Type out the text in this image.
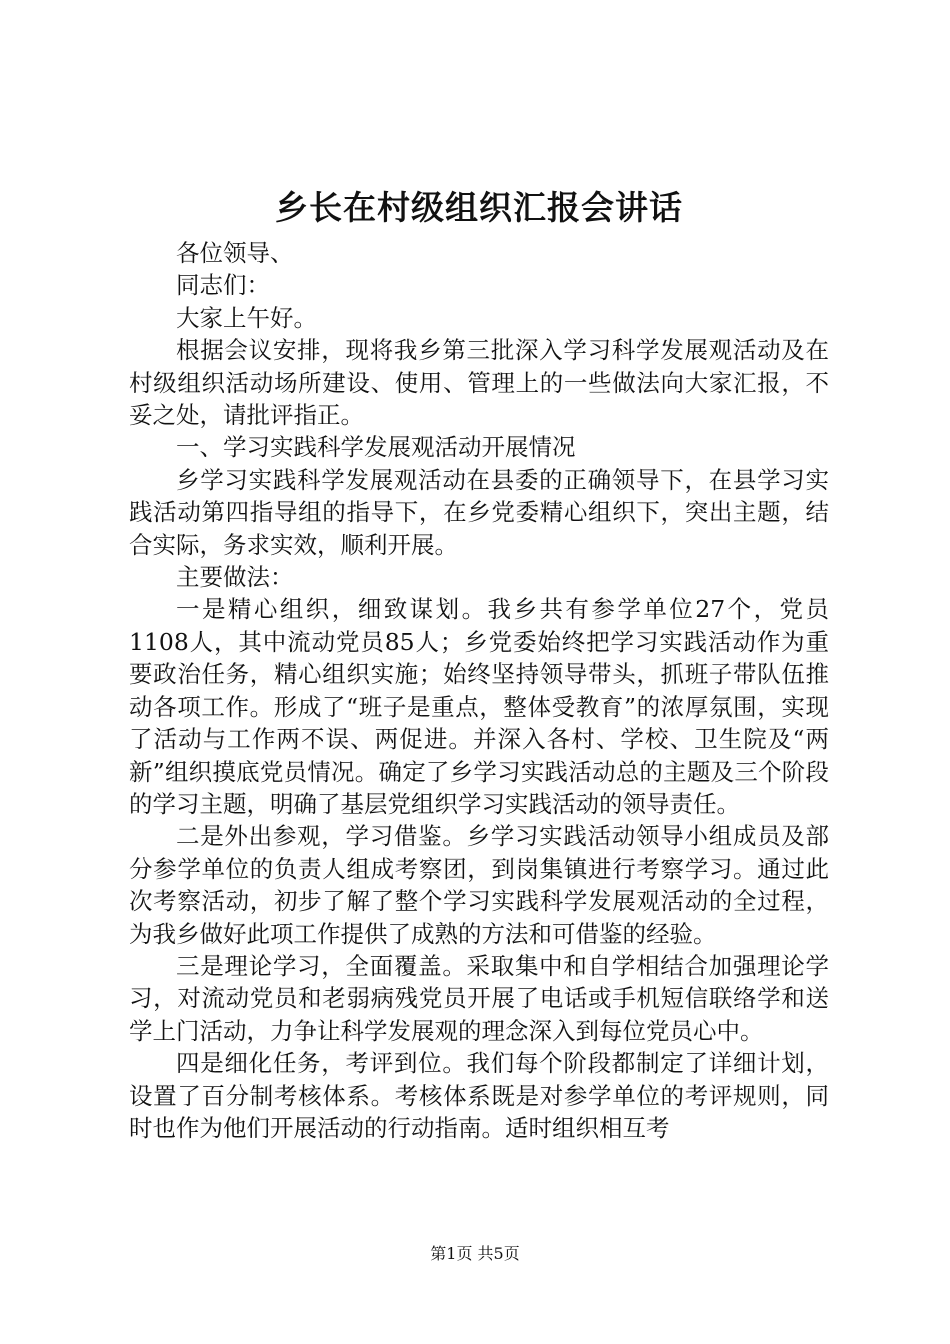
乡长在村级组织汇报会讲话

各位领导、

同志们：

大家上午好。

根据会议安排，现将我乡第三批深入学习科学发展观活动及在村级组织活动场所建设、使用、管理上的一些做法向大家汇报，不妥之处，请批评指正。

一、学习实践科学发展观活动开展情况

乡学习实践科学发展观活动在县委的正确领导下，在县学习实践活动第四指导组的指导下，在乡党委精心组织下，突出主题，结合实际，务求实效，顺利开展。

主要做法：

一是精心组织，细致谋划。我乡共有参学单位27个，党员1108人，其中流动党员85人；乡党委始终把学习实践活动作为重要政治任务，精心组织实施；始终坚持领导带头，抓班子带队伍推动各项工作。形成了“班子是重点，整体受教育”的浓厚氛围，实现了活动与工作两不误、两促进。并深入各村、学校、卫生院及“两新”组织摸底党员情况。确定了乡学习实践活动总的主题及三个阶段的学习主题，明确了基层党组织学习实践活动的领导责任。

二是外出参观，学习借鉴。乡学习实践活动领导小组成员及部分参学单位的负责人组成考察团，到岗集镇进行考察学习。通过此次考察活动，初步了解了整个学习实践科学发展观活动的全过程，为我乡做好此项工作提供了成熟的方法和可借鉴的经验。

三是理论学习，全面覆盖。采取集中和自学相结合加强理论学习，对流动党员和老弱病残党员开展了电话或手机短信联络学和送学上门活动，力争让科学发展观的理念深入到每位党员心中。

四是细化任务，考评到位。我们每个阶段都制定了详细计划，设置了百分制考核体系。考核体系既是对参学单位的考评规则，同时也作为他们开展活动的行动指南。适时组织相互考

第1页 共5页
